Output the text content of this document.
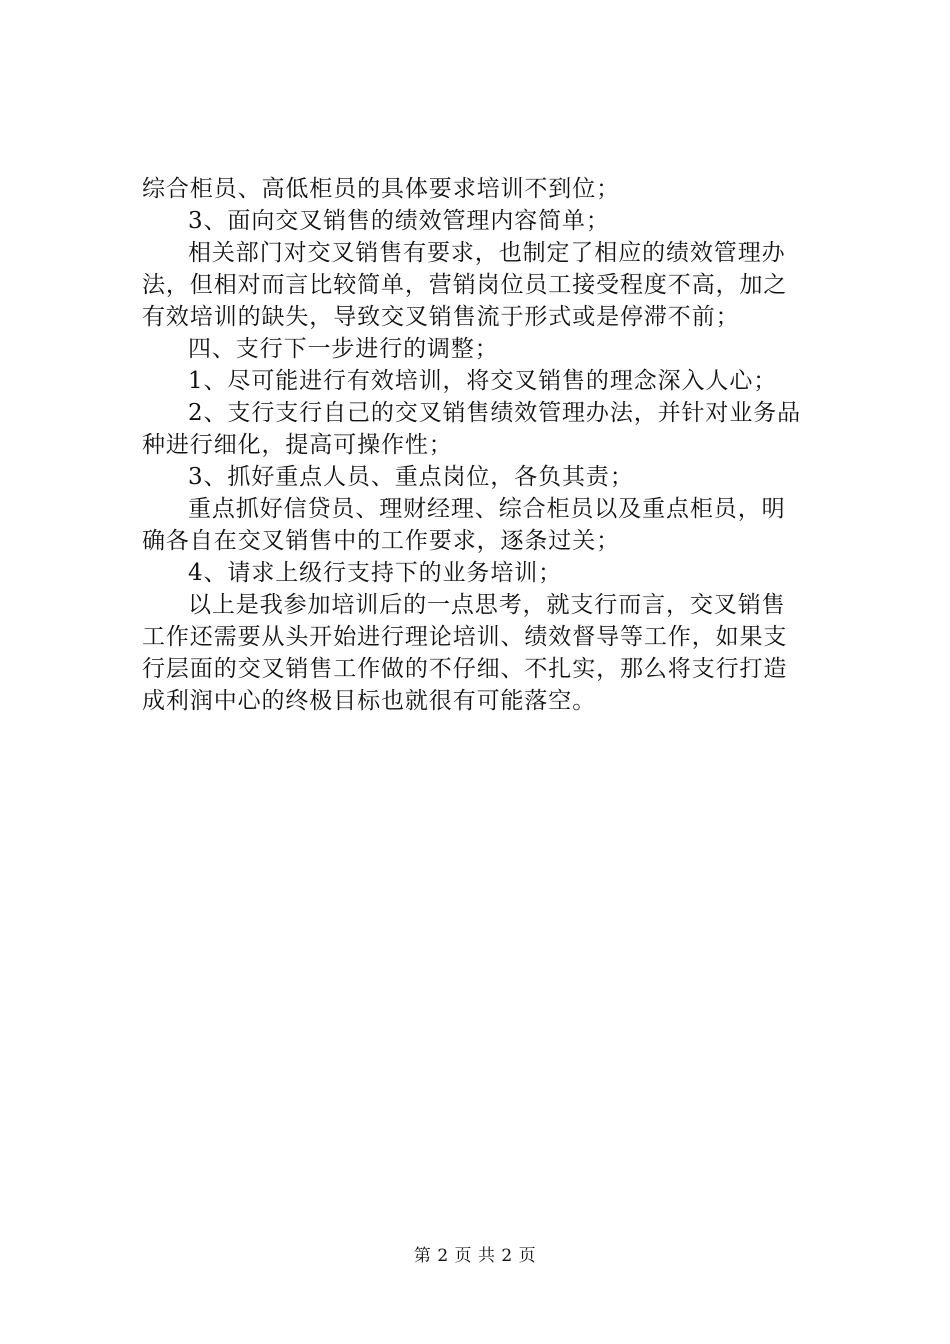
综合柜员、高低柜员的具体要求培训不到位；
3、面向交叉销售的绩效管理内容简单；
相关部门对交叉销售有要求，也制定了相应的绩效管理办
法，但相对而言比较简单，营销岗位员工接受程度不高，加之
有效培训的缺失，导致交叉销售流于形式或是停滞不前；
四、支行下一步进行的调整；
1、尽可能进行有效培训，将交叉销售的理念深入人心；
2、支行支行自己的交叉销售绩效管理办法，并针对业务品
种进行细化，提高可操作性；
3、抓好重点人员、重点岗位，各负其责；
重点抓好信贷员、理财经理、综合柜员以及重点柜员，明
确各自在交叉销售中的工作要求，逐条过关；
4、请求上级行支持下的业务培训；
以上是我参加培训后的一点思考，就支行而言，交叉销售
工作还需要从头开始进行理论培训、绩效督导等工作，如果支
行层面的交叉销售工作做的不仔细、不扎实，那么将支行打造
成利润中心的终极目标也就很有可能落空。
第 2 页 共 2 页
